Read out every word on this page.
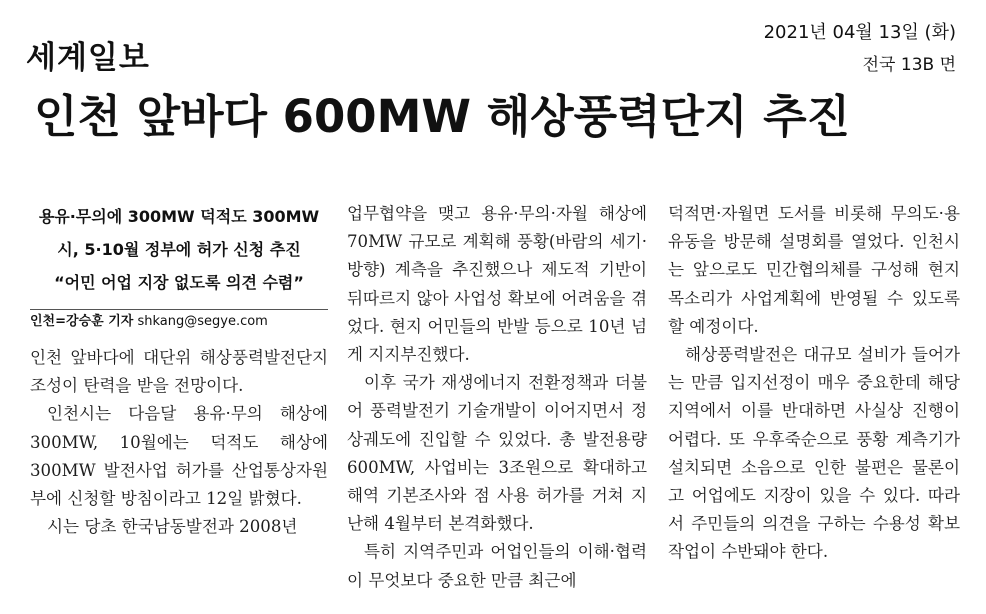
세계일보
2021년 04월 13일 (화)
전국 13B 면
인천 앞바다 600MW 해상풍력단지 추진
용유·무의에 300MW 덕적도 300MW
시, 5·10월 정부에 허가 신청 추진
“어민 어업 지장 없도록 의견 수렴”
인천=강승훈 기자 shkang@segye.com

인천 앞바다에 대단위 해상풍력발전단지 조성이 탄력을 받을 전망이다.

인천시는 다음달 용유·무의 해상에 300MW, 10월에는 덕적도 해상에 300MW 발전사업 허가를 산업통상자원부에 신청할 방침이라고 12일 밝혔다.

시는 당초 한국남동발전과 2008년

업무협약을 맺고 용유·무의·자월 해상에 70MW 규모로 계획해 풍황(바람의 세기·방향) 계측을 추진했으나 제도적 기반이 뒤따르지 않아 사업성 확보에 어려움을 겪었다. 현지 어민들의 반발 등으로 10년 넘게 지지부진했다.

이후 국가 재생에너지 전환정책과 더불어 풍력발전기 기술개발이 이어지면서 정상궤도에 진입할 수 있었다. 총 발전용량 600MW, 사업비는 3조원으로 확대하고 해역 기본조사와 점 사용 허가를 거쳐 지난해 4월부터 본격화했다.

특히 지역주민과 어업인들의 이해·협력이 무엇보다 중요한 만큼 최근에

덕적면·자월면 도서를 비롯해 무의도·용유동을 방문해 설명회를 열었다. 인천시는 앞으로도 민간협의체를 구성해 현지 목소리가 사업계획에 반영될 수 있도록 할 예정이다.

해상풍력발전은 대규모 설비가 들어가는 만큼 입지선정이 매우 중요한데 해당 지역에서 이를 반대하면 사실상 진행이 어렵다. 또 우후죽순으로 풍황 계측기가 설치되면 소음으로 인한 불편은 물론이고 어업에도 지장이 있을 수 있다. 따라서 주민들의 의견을 구하는 수용성 확보작업이 수반돼야 한다.
